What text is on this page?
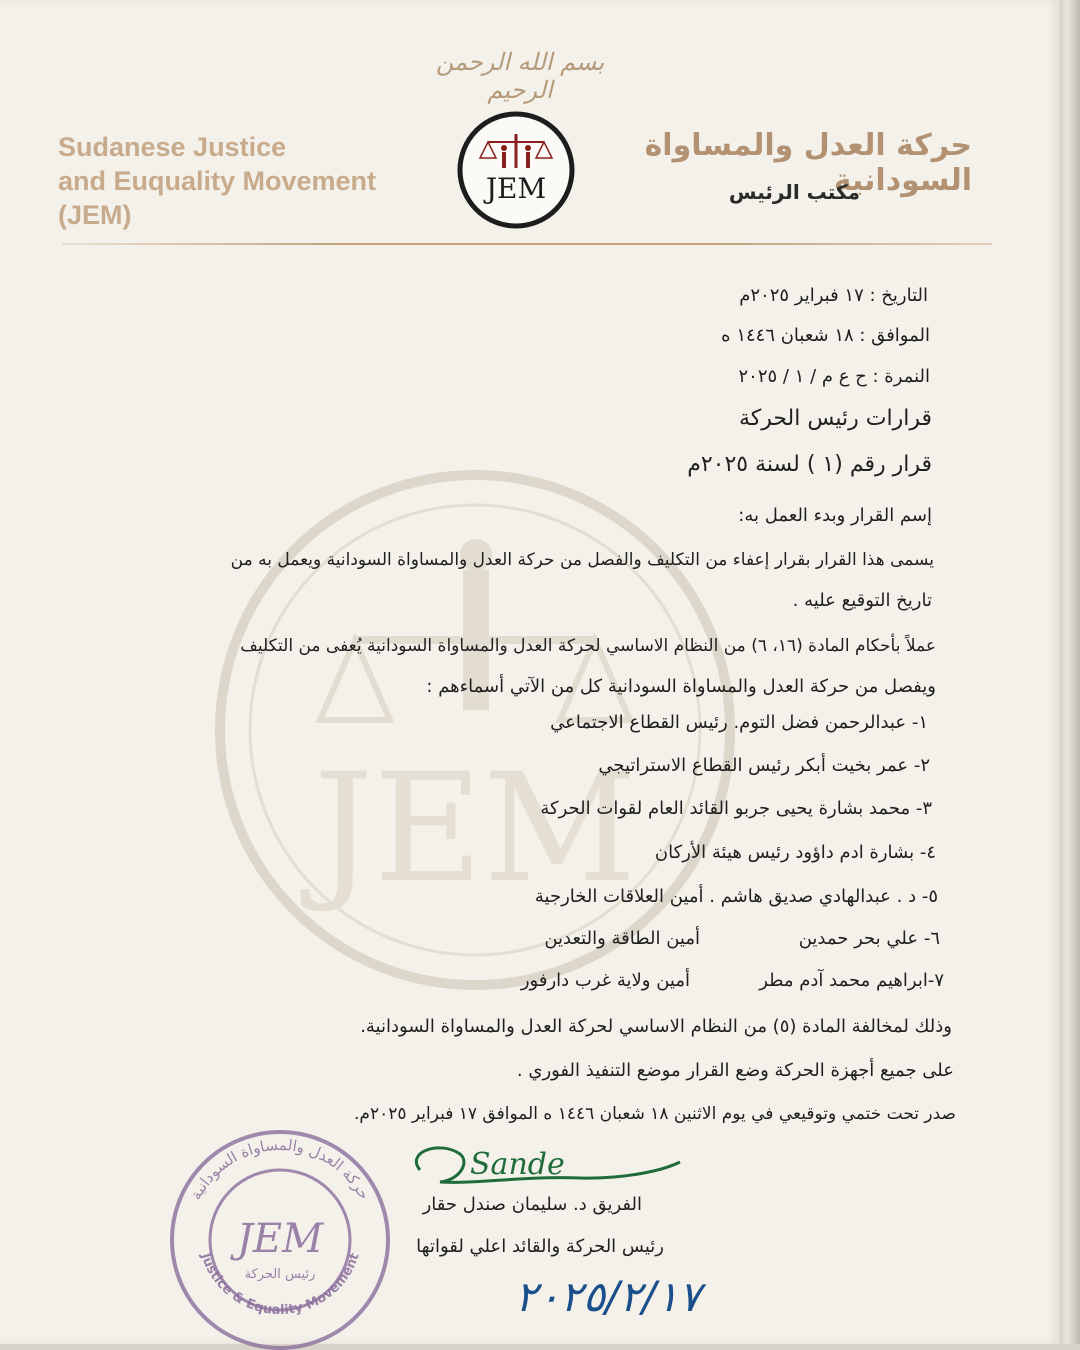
JEM
بسم الله الرحمن الرحيم
Sudanese Justice
and Euquality Movement (JEM)
JEM
حركة العدل والمساواة السودانية
مكتب الرئيس
التاريخ : ١٧ فبراير ٢٠٢٥م
الموافق : ١٨ شعبان ١٤٤٦ ه
النمرة : ح ع م / ١ / ٢٠٢٥
قرارات رئيس الحركة
قرار رقم (١ ) لسنة ٢٠٢٥م
إسم القرار وبدء العمل به:
يسمى هذا القرار بقرار إعفاء من التكليف والفصل من حركة العدل والمساواة السودانية ويعمل به من
تاريخ التوقيع عليه .
عملاً بأحكام المادة (١٦، ٦) من النظام الاساسي لحركة العدل والمساواة السودانية يُعفى من التكليف
ويفصل من حركة العدل والمساواة السودانية كل من الآتي أسماءهم :
١- عبدالرحمن فضل التوم. رئيس القطاع الاجتماعي
٢- عمر بخيت أبكر رئيس القطاع الاستراتيجي
٣- محمد بشارة يحيى جربو القائد العام لقوات الحركة
٤- بشارة ادم داؤود رئيس هيئة الأركان
٥- د . عبدالهادي صديق هاشم . أمين العلاقات الخارجية
٦- علي بحر حمدين
أمين الطاقة والتعدين
٧-ابراهيم محمد آدم مطر
أمين ولاية غرب دارفور
وذلك لمخالفة المادة (٥) من النظام الاساسي لحركة العدل والمساواة السودانية.
على جميع أجهزة الحركة وضع القرار موضع التنفيذ الفوري .
صدر تحت ختمي وتوقيعي في يوم الاثنين ١٨ شعبان ١٤٤٦ ه الموافق ١٧ فبراير ٢٠٢٥م.
Sande
الفريق د. سليمان صندل حقار
رئيس الحركة والقائد اعلي لقواتها
٢٠٢٥/٢/١٧
حركة العدل والمساواة السودانية
Justice & Equality Movement
JEM
رئيس الحركة
